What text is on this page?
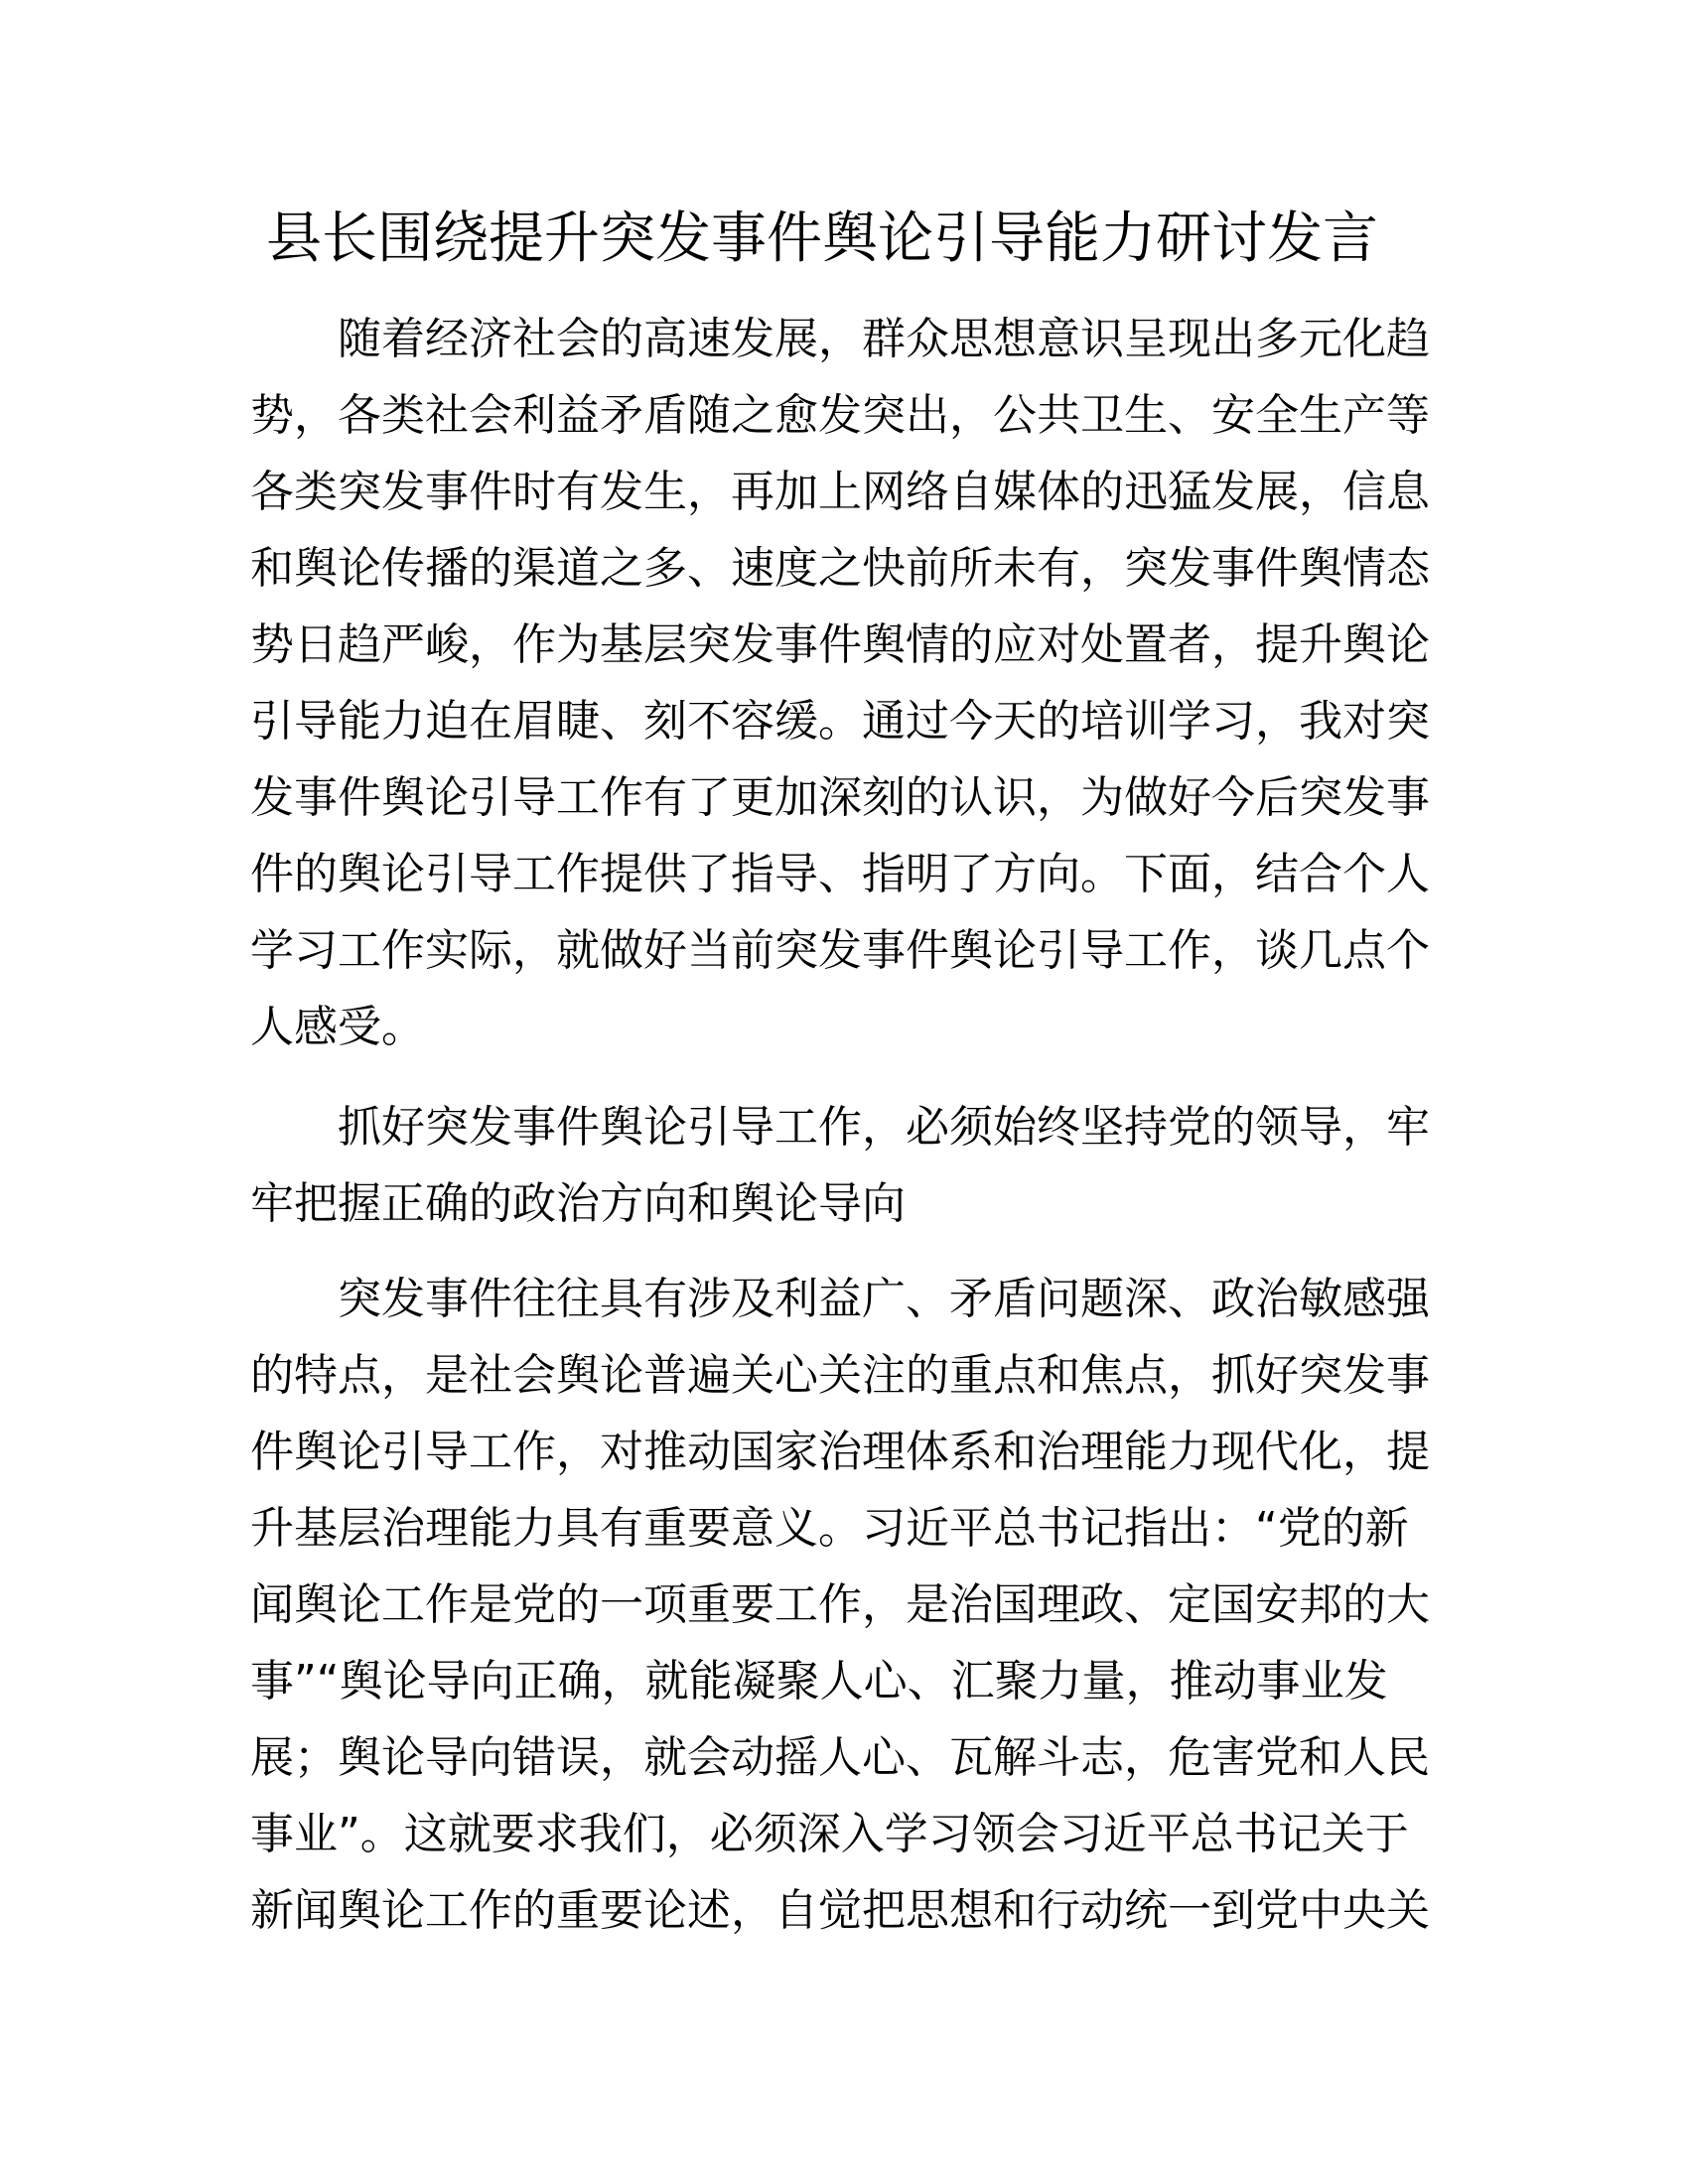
县长围绕提升突发事件舆论引导能力研讨发言
随着经济社会的高速发展，群众思想意识呈现出多元化趋
势，各类社会利益矛盾随之愈发突出，公共卫生、安全生产等
各类突发事件时有发生，再加上网络自媒体的迅猛发展，信息
和舆论传播的渠道之多、速度之快前所未有，突发事件舆情态
势日趋严峻，作为基层突发事件舆情的应对处置者，提升舆论
引导能力迫在眉睫、刻不容缓。通过今天的培训学习，我对突
发事件舆论引导工作有了更加深刻的认识，为做好今后突发事
件的舆论引导工作提供了指导、指明了方向。下面，结合个人
学习工作实际，就做好当前突发事件舆论引导工作，谈几点个
人感受。
抓好突发事件舆论引导工作，必须始终坚持党的领导，牢
牢把握正确的政治方向和舆论导向
突发事件往往具有涉及利益广、矛盾问题深、政治敏感强
的特点，是社会舆论普遍关心关注的重点和焦点，抓好突发事
件舆论引导工作，对推动国家治理体系和治理能力现代化，提
升基层治理能力具有重要意义。习近平总书记指出：“党的新
闻舆论工作是党的一项重要工作，是治国理政、定国安邦的大
事”“舆论导向正确，就能凝聚人心、汇聚力量，推动事业发
展；舆论导向错误，就会动摇人心、瓦解斗志，危害党和人民
事业”。这就要求我们，必须深入学习领会习近平总书记关于
新闻舆论工作的重要论述，自觉把思想和行动统一到党中央关
